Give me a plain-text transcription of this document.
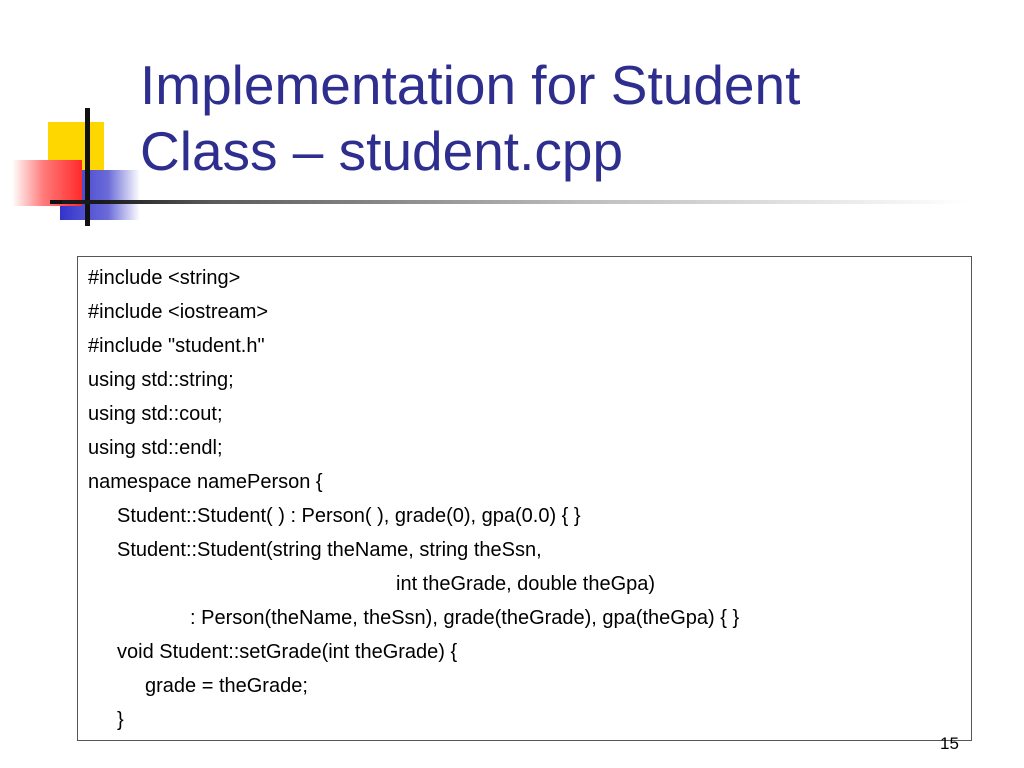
Implementation for Student
Class – student.cpp
#include <string>
#include <iostream>
#include "student.h"
using std::string;
using std::cout;
using std::endl;
namespace namePerson {
Student::Student( ) : Person( ), grade(0), gpa(0.0) { }
Student::Student(string theName, string theSsn,
int theGrade, double theGpa)
: Person(theName, theSsn), grade(theGrade), gpa(theGpa) { }
void Student::setGrade(int theGrade) {
grade = theGrade;
}
15
